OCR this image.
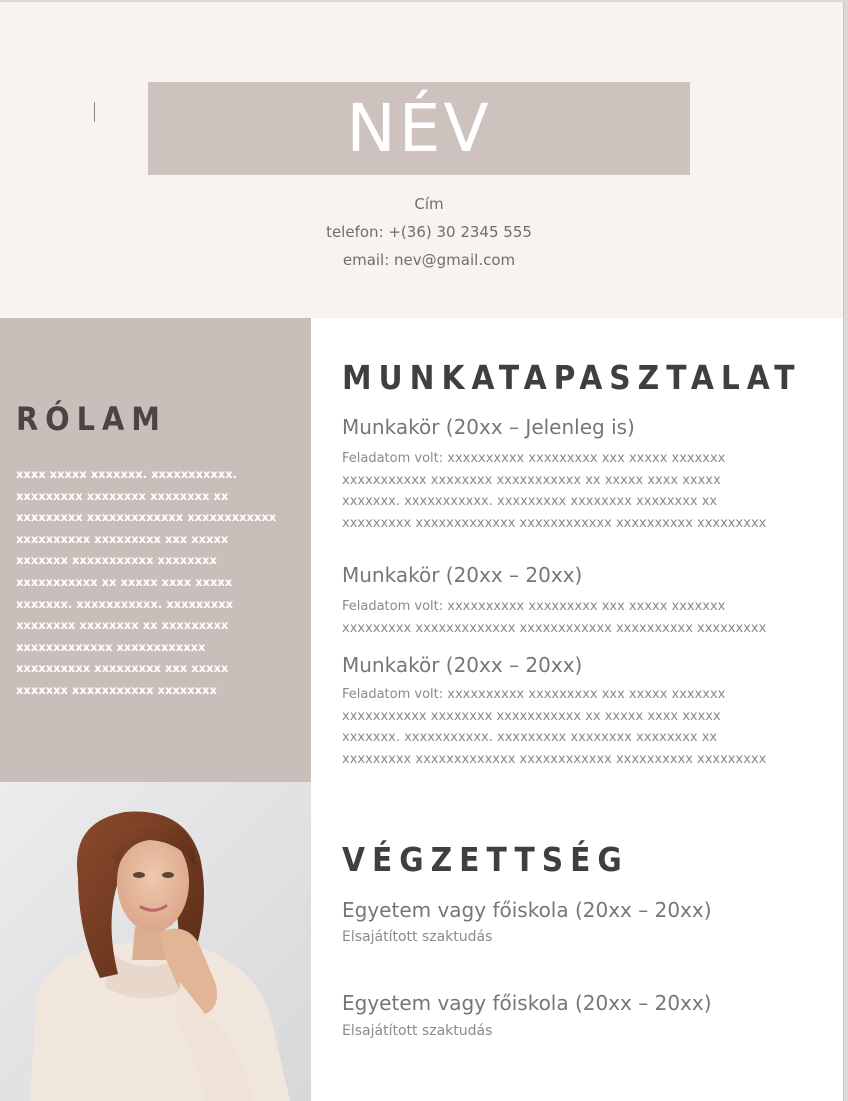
NÉV
Cím
telefon: +(36) 30 2345 555
email: nev@gmail.com
RÓLAM
xxxx xxxxx xxxxxxx. xxxxxxxxxxx.
xxxxxxxxx xxxxxxxx xxxxxxxx xx
xxxxxxxxx xxxxxxxxxxxxx xxxxxxxxxxxx
xxxxxxxxxx xxxxxxxxx xxx xxxxx
xxxxxxx xxxxxxxxxxx xxxxxxxx
xxxxxxxxxxx xx xxxxx xxxx xxxxx
xxxxxxx. xxxxxxxxxxx. xxxxxxxxx
xxxxxxxx xxxxxxxx xx xxxxxxxxx
xxxxxxxxxxxxx xxxxxxxxxxxx
xxxxxxxxxx xxxxxxxxx xxx xxxxx
xxxxxxx xxxxxxxxxxx xxxxxxxx
MUNKATAPASZTALAT
Munkakör (20xx – Jelenleg is)
Feladatom volt: xxxxxxxxxx xxxxxxxxx xxx xxxxx xxxxxxx
xxxxxxxxxxx xxxxxxxx xxxxxxxxxxx xx xxxxx xxxx xxxxx
xxxxxxx. xxxxxxxxxxx. xxxxxxxxx xxxxxxxx xxxxxxxx xx
xxxxxxxxx xxxxxxxxxxxxx xxxxxxxxxxxx xxxxxxxxxx xxxxxxxxx
Munkakör (20xx – 20xx)
Feladatom volt: xxxxxxxxxx xxxxxxxxx xxx xxxxx xxxxxxx
xxxxxxxxx xxxxxxxxxxxxx xxxxxxxxxxxx xxxxxxxxxx xxxxxxxxx
Munkakör (20xx – 20xx)
Feladatom volt: xxxxxxxxxx xxxxxxxxx xxx xxxxx xxxxxxx
xxxxxxxxxxx xxxxxxxx xxxxxxxxxxx xx xxxxx xxxx xxxxx
xxxxxxx. xxxxxxxxxxx. xxxxxxxxx xxxxxxxx xxxxxxxx xx
xxxxxxxxx xxxxxxxxxxxxx xxxxxxxxxxxx xxxxxxxxxx xxxxxxxxx
VÉGZETTSÉG
Egyetem vagy főiskola (20xx – 20xx)

Elsajátított szaktudás

Egyetem vagy főiskola (20xx – 20xx)

Elsajátított szaktudás
